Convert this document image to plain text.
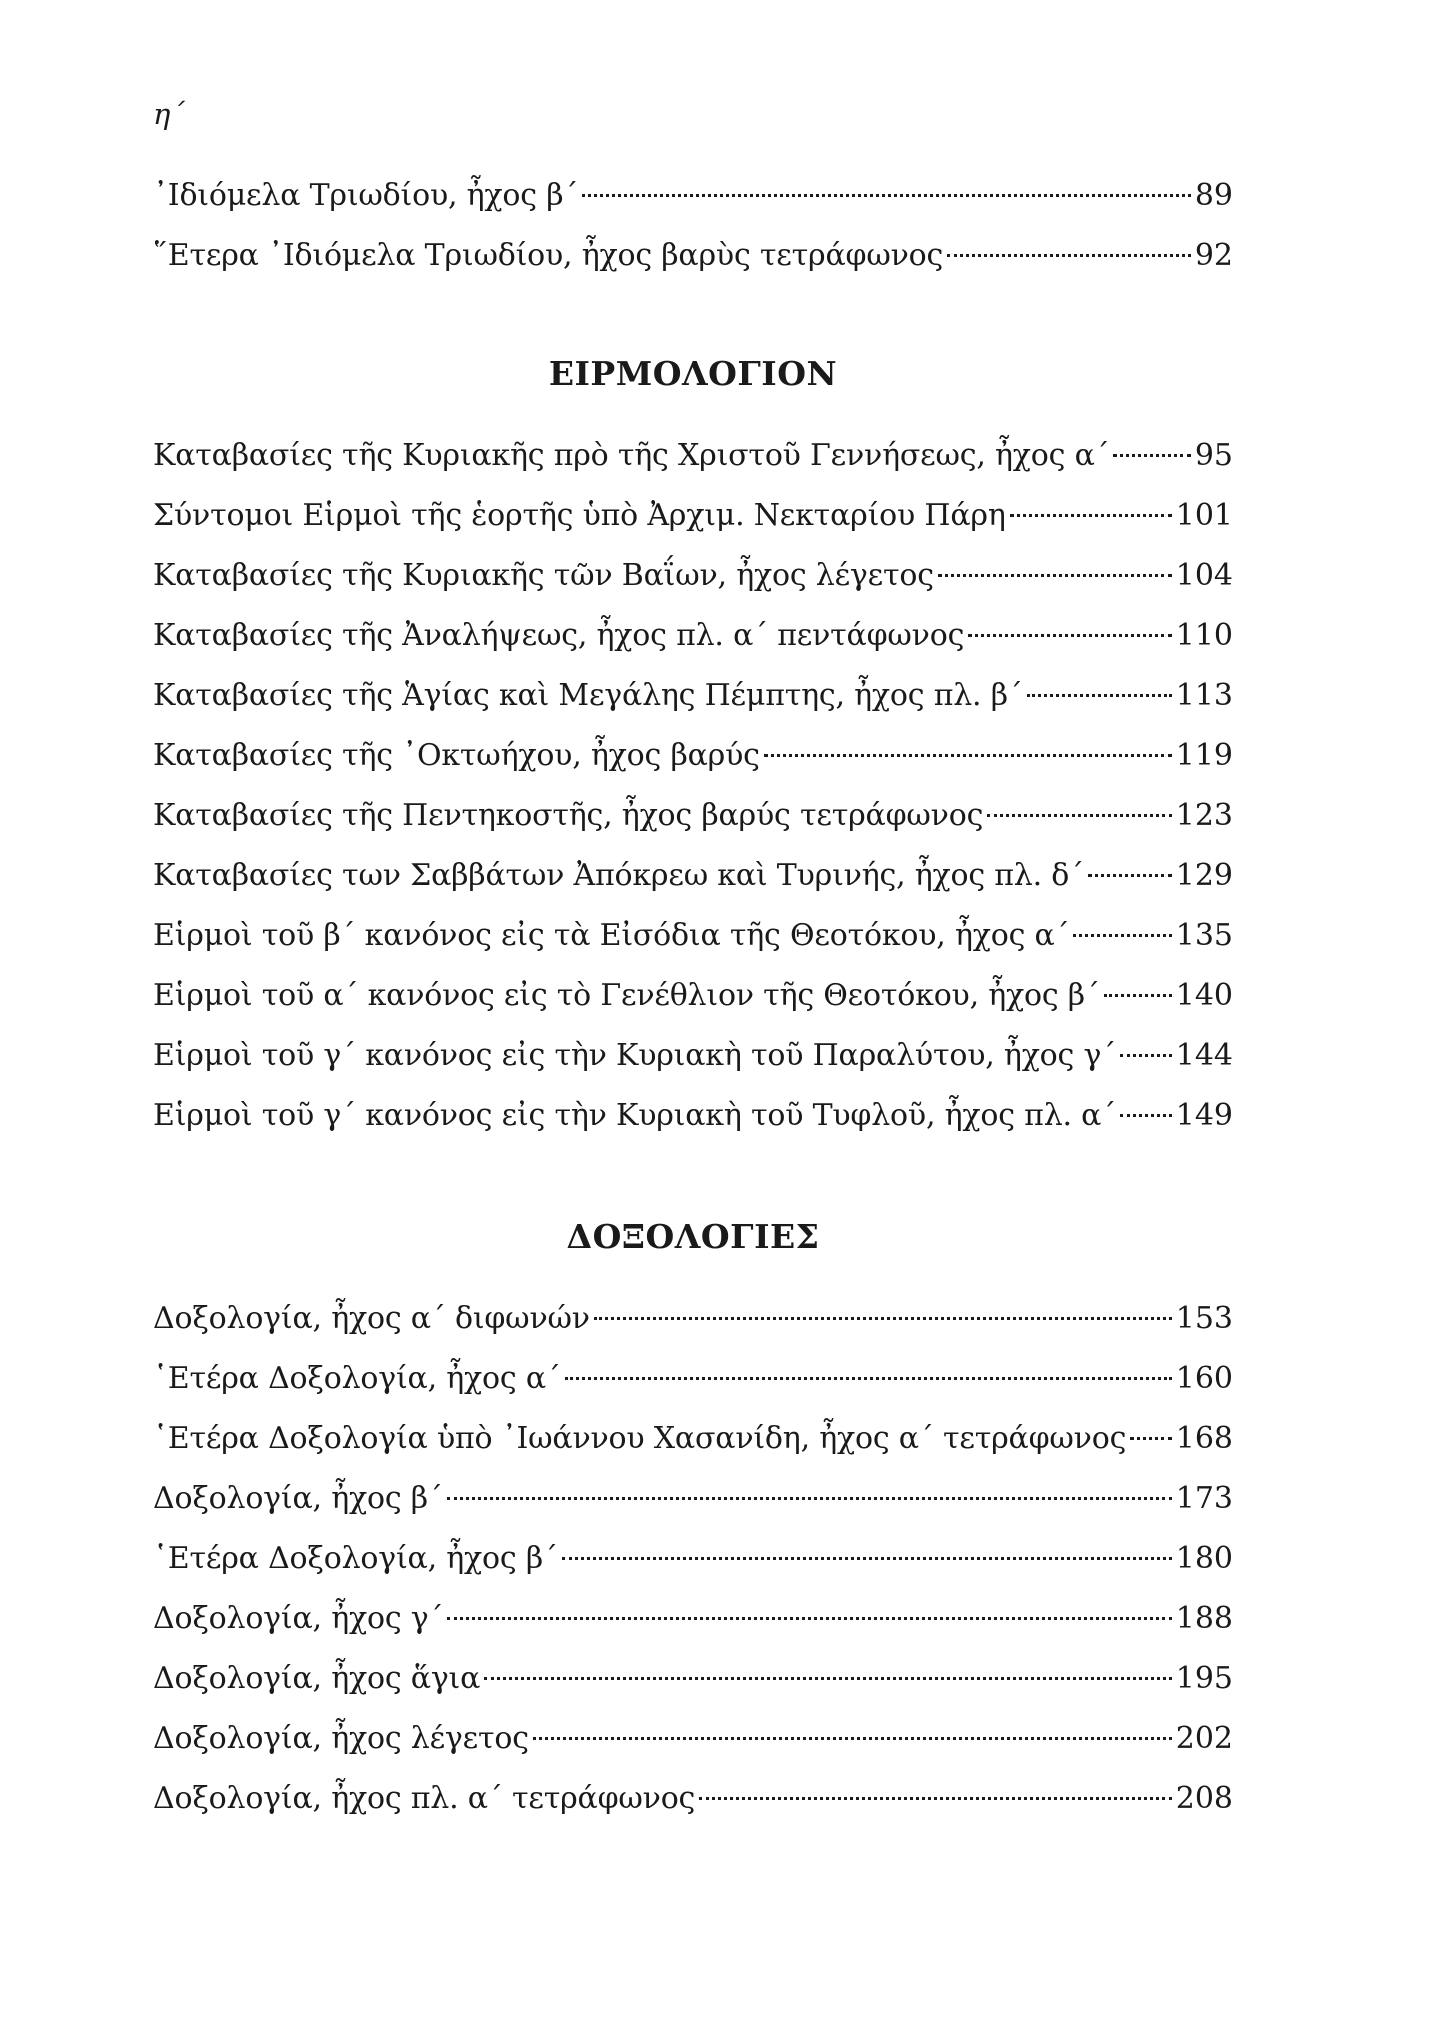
η´
᾿Ιδιόμελα Τριωδίου, ἦχος β´	89
῞Ετερα ᾿Ιδιόμελα Τριωδίου, ἦχος βαρὺς τετράφωνος	92
ΕΙΡΜΟΛΟΓΙΟΝ
Καταβασίες τῆς Κυριακῆς πρὸ τῆς Χριστοῦ Γεννήσεως, ἦχος α´	95
Σύντομοι Εἱρμοὶ τῆς ἑορτῆς ὑπὸ Ἀρχιμ. Νεκταρίου Πάρη	101
Καταβασίες τῆς Κυριακῆς τῶν Βαΐων, ἦχος λέγετος	104
Καταβασίες τῆς Ἀναλήψεως, ἦχος πλ. α´ πεντάφωνος	110
Καταβασίες τῆς Ἁγίας καὶ Μεγάλης Πέμπτης, ἦχος πλ. β´	113
Καταβασίες τῆς ᾿Οκτωήχου, ἦχος βαρύς	119
Καταβασίες τῆς Πεντηκοστῆς, ἦχος βαρύς τετράφωνος	123
Καταβασίες των Σαββάτων Ἀπόκρεω καὶ Τυρινής, ἦχος πλ. δ´	129
Εἱρμοὶ τοῦ β´ κανόνος εἰς τὰ Εἰσόδια τῆς Θεοτόκου, ἦχος α´	135
Εἱρμοὶ τοῦ α´ κανόνος εἰς τὸ Γενέθλιον τῆς Θεοτόκου, ἦχος β´	140
Εἱρμοὶ τοῦ γ´ κανόνος εἰς τὴν Κυριακὴ τοῦ Παραλύτου, ἦχος γ´ 144
Εἱρμοὶ τοῦ γ´ κανόνος εἰς τὴν Κυριακὴ τοῦ Τυφλοῦ, ἦχος πλ. α´ 149
ΔΟΞΟΛΟΓΙΕΣ
Δοξολογία, ἦχος α´ διφωνών	153
῾Ετέρα Δοξολογία, ἦχος α´	160
῾Ετέρα Δοξολογία ὑπὸ ᾿Ιωάννου Χασανίδη, ἦχος α´ τετράφωνος 168
Δοξολογία, ἦχος β´	173
῾Ετέρα Δοξολογία, ἦχος β´	180
Δοξολογία, ἦχος γ´	188
Δοξολογία, ἦχος ἅγια	195
Δοξολογία, ἦχος λέγετος	202
Δοξολογία, ἦχος πλ. α´ τετράφωνος	208
